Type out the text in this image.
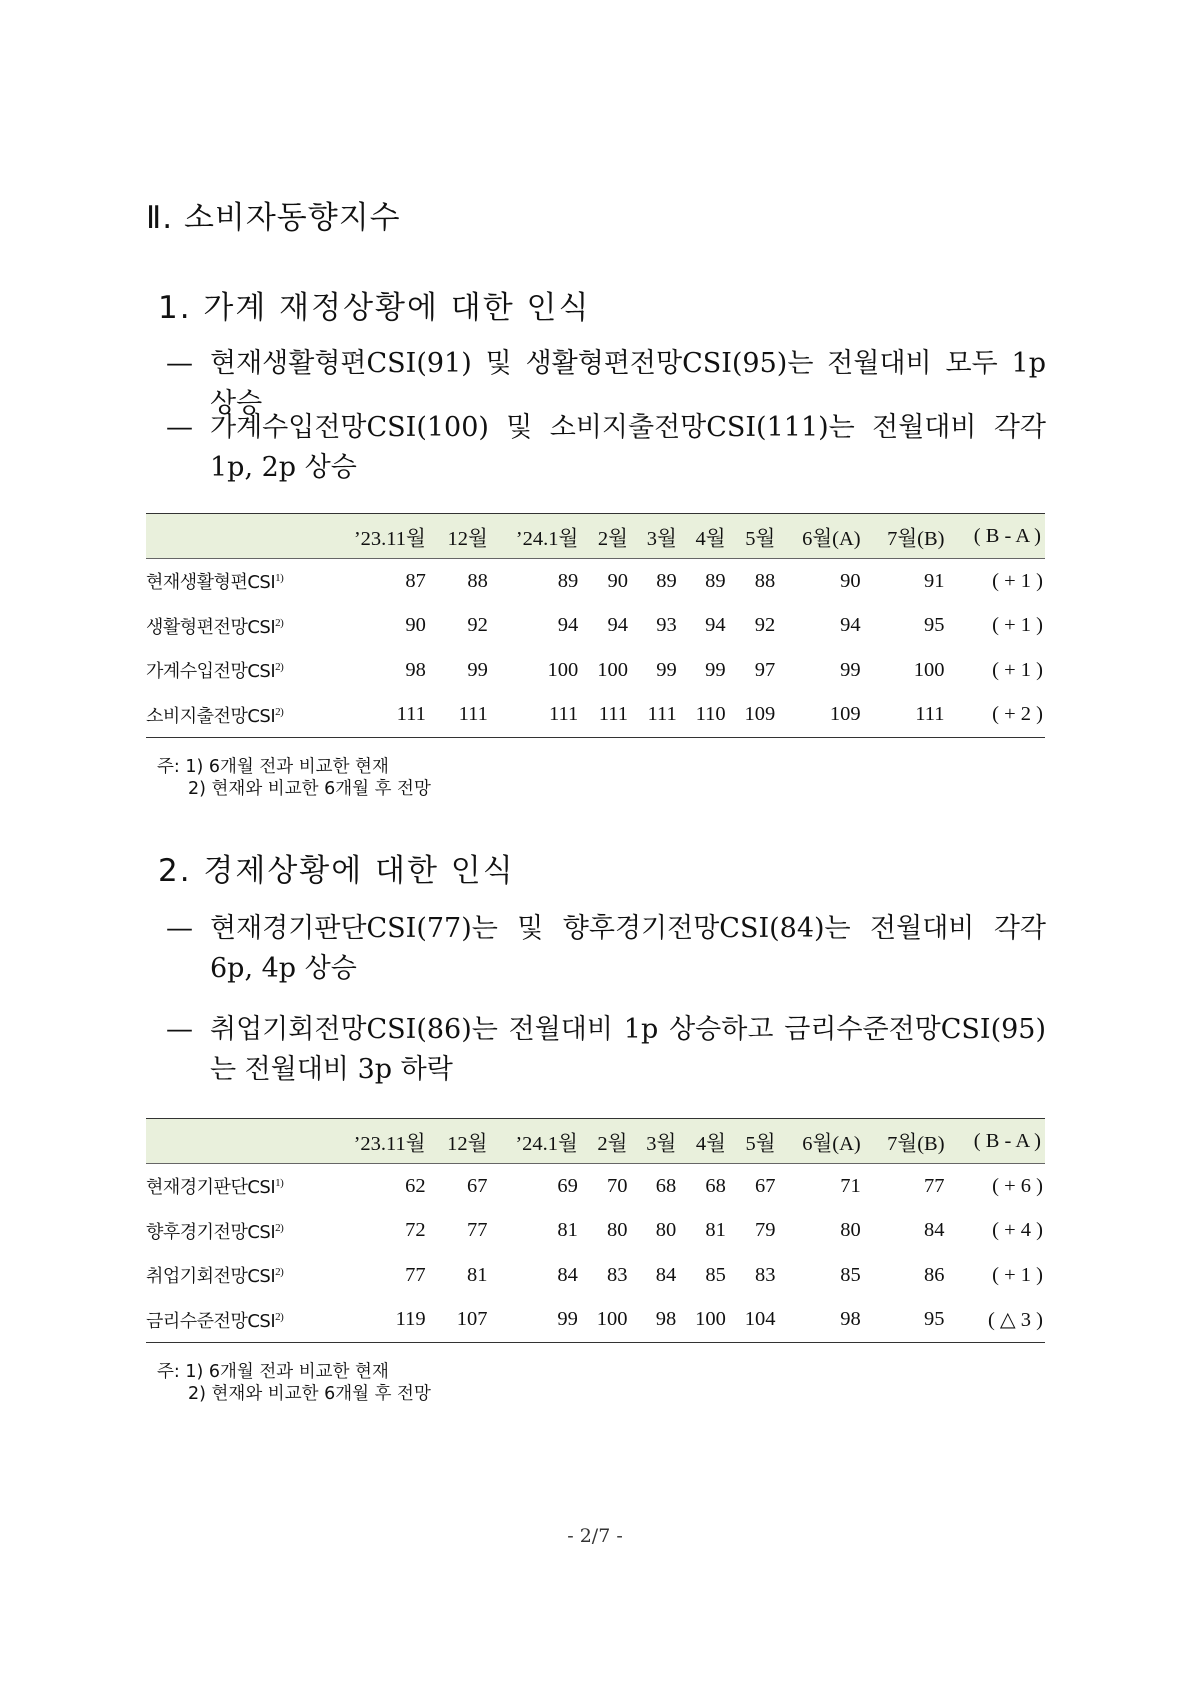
Ⅱ. 소비자동향지수
1. 가계 재정상황에 대한 인식
— 현재생활형편CSI(91) 및 생활형편전망CSI(95)는 전월대비 모두 1p 상승
— 가계수입전망CSI(100) 및 소비지출전망CSI(111)는 전월대비 각각 1p, 2p 상승
	’23.11월	12월	’24.1월	2월	3월	4월	5월	6월(A)	7월(B)	( B - A )
현재생활형편CSI$^{1)}$	87	88	89	90	89	89	88	90	91	( + 1 )
생활형편전망CSI$^{2)}$	90	92	94	94	93	94	92	94	95	( + 1 )
가계수입전망CSI$^{2)}$	98	99	100	100	99	99	97	99	100	( + 1 )
소비지출전망CSI$^{2)}$	111	111	111	111	111	110	109	109	111	( + 2 )
주: 1) 6개월 전과 비교한 현재
2) 현재와 비교한 6개월 후 전망
2. 경제상황에 대한 인식
— 현재경기판단CSI(77)는 및 향후경기전망CSI(84)는 전월대비 각각 6p, 4p 상승
— 취업기회전망CSI(86)는 전월대비 1p 상승하고 금리수준전망CSI(95)는 전월대비 3p 하락
	’23.11월	12월	’24.1월	2월	3월	4월	5월	6월(A)	7월(B)	( B - A )
현재경기판단CSI$^{1)}$	62	67	69	70	68	68	67	71	77	( + 6 )
향후경기전망CSI$^{2)}$	72	77	81	80	80	81	79	80	84	( + 4 )
취업기회전망CSI$^{2)}$	77	81	84	83	84	85	83	85	86	( + 1 )
금리수준전망CSI$^{2)}$	119	107	99	100	98	100	104	98	95	( △ 3 )
주: 1) 6개월 전과 비교한 현재
2) 현재와 비교한 6개월 후 전망
- 2/7 -
